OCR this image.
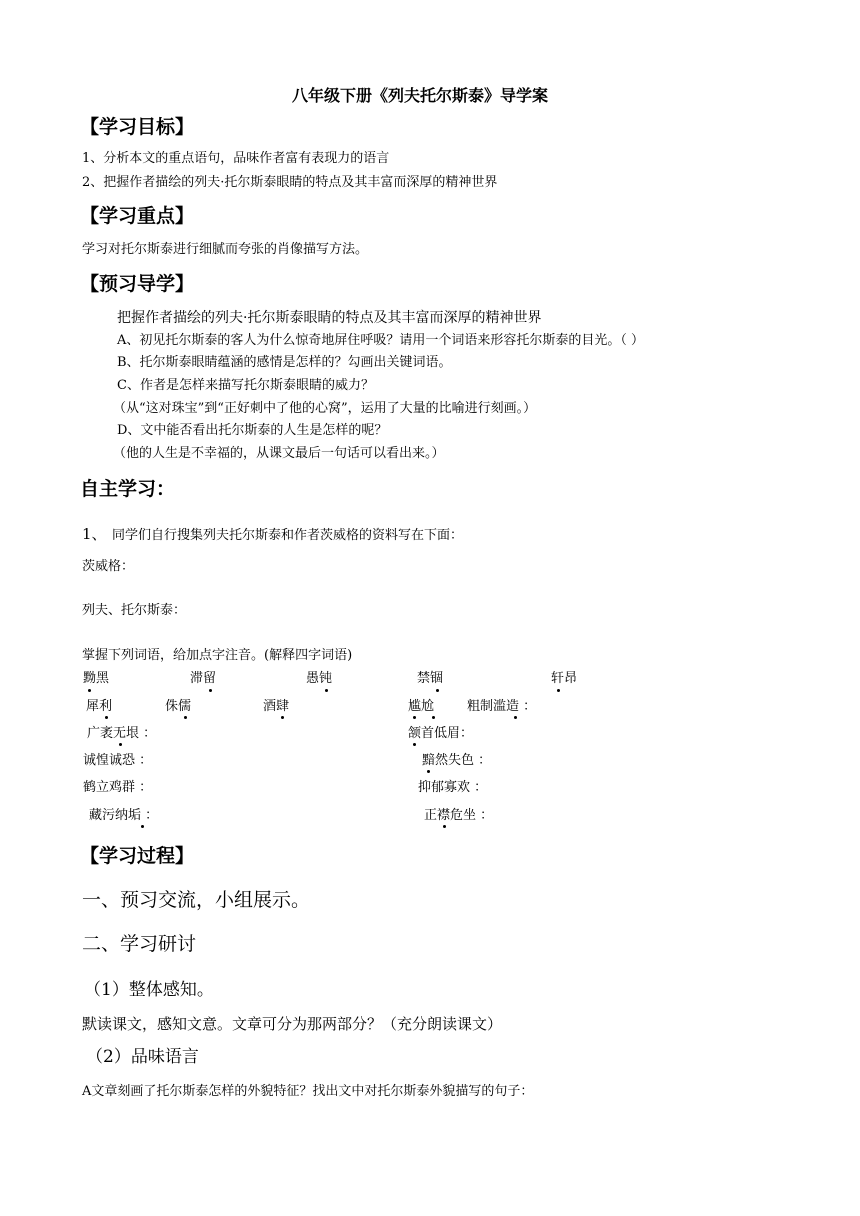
八年级下册《列夫托尔斯泰》导学案
【学习目标】
1、分析本文的重点语句，品味作者富有表现力的语言
2、把握作者描绘的列夫·托尔斯泰眼睛的特点及其丰富而深厚的精神世界
【学习重点】
学习对托尔斯泰进行细腻而夸张的肖像描写方法。
【预习导学】
把握作者描绘的列夫·托尔斯泰眼睛的特点及其丰富而深厚的精神世界
A、初见托尔斯泰的客人为什么惊奇地屏住呼吸？请用一个词语来形容托尔斯泰的目光。（ ）
B、托尔斯泰眼睛蕴涵的感情是怎样的？勾画出关键词语。
C、作者是怎样来描写托尔斯泰眼睛的威力？
（从“这对珠宝”到“正好刺中了他的心窝”，运用了大量的比喻进行刻画。）
D、文中能否看出托尔斯泰的人生是怎样的呢？
（他的人生是不幸福的，从课文最后一句话可以看出来。）
自主学习：
1、 同学们自行搜集列夫托尔斯泰和作者茨威格的资料写在下面：
茨威格：
列夫、托尔斯泰：
掌握下列词语，给加点字注音。(解释四字词语)
黝黑	滞留	愚钝	禁锢	轩昂
犀利	侏儒	酒肆	尴尬	粗制滥造 ：
广袤无垠 ：	颔首低眉：
诚惶诚恐 ：	黯然失色 ：
鹤立鸡群 ：	抑郁寡欢 ：
藏污纳垢 ：	正襟危坐 ：
【学习过程】
一、预习交流，小组展示。
二、学习研讨
（1）整体感知。
默读课文，感知文意。文章可分为那两部分？（充分朗读课文）
（2）品味语言
A文章刻画了托尔斯泰怎样的外貌特征？找出文中对托尔斯泰外貌描写的句子：
